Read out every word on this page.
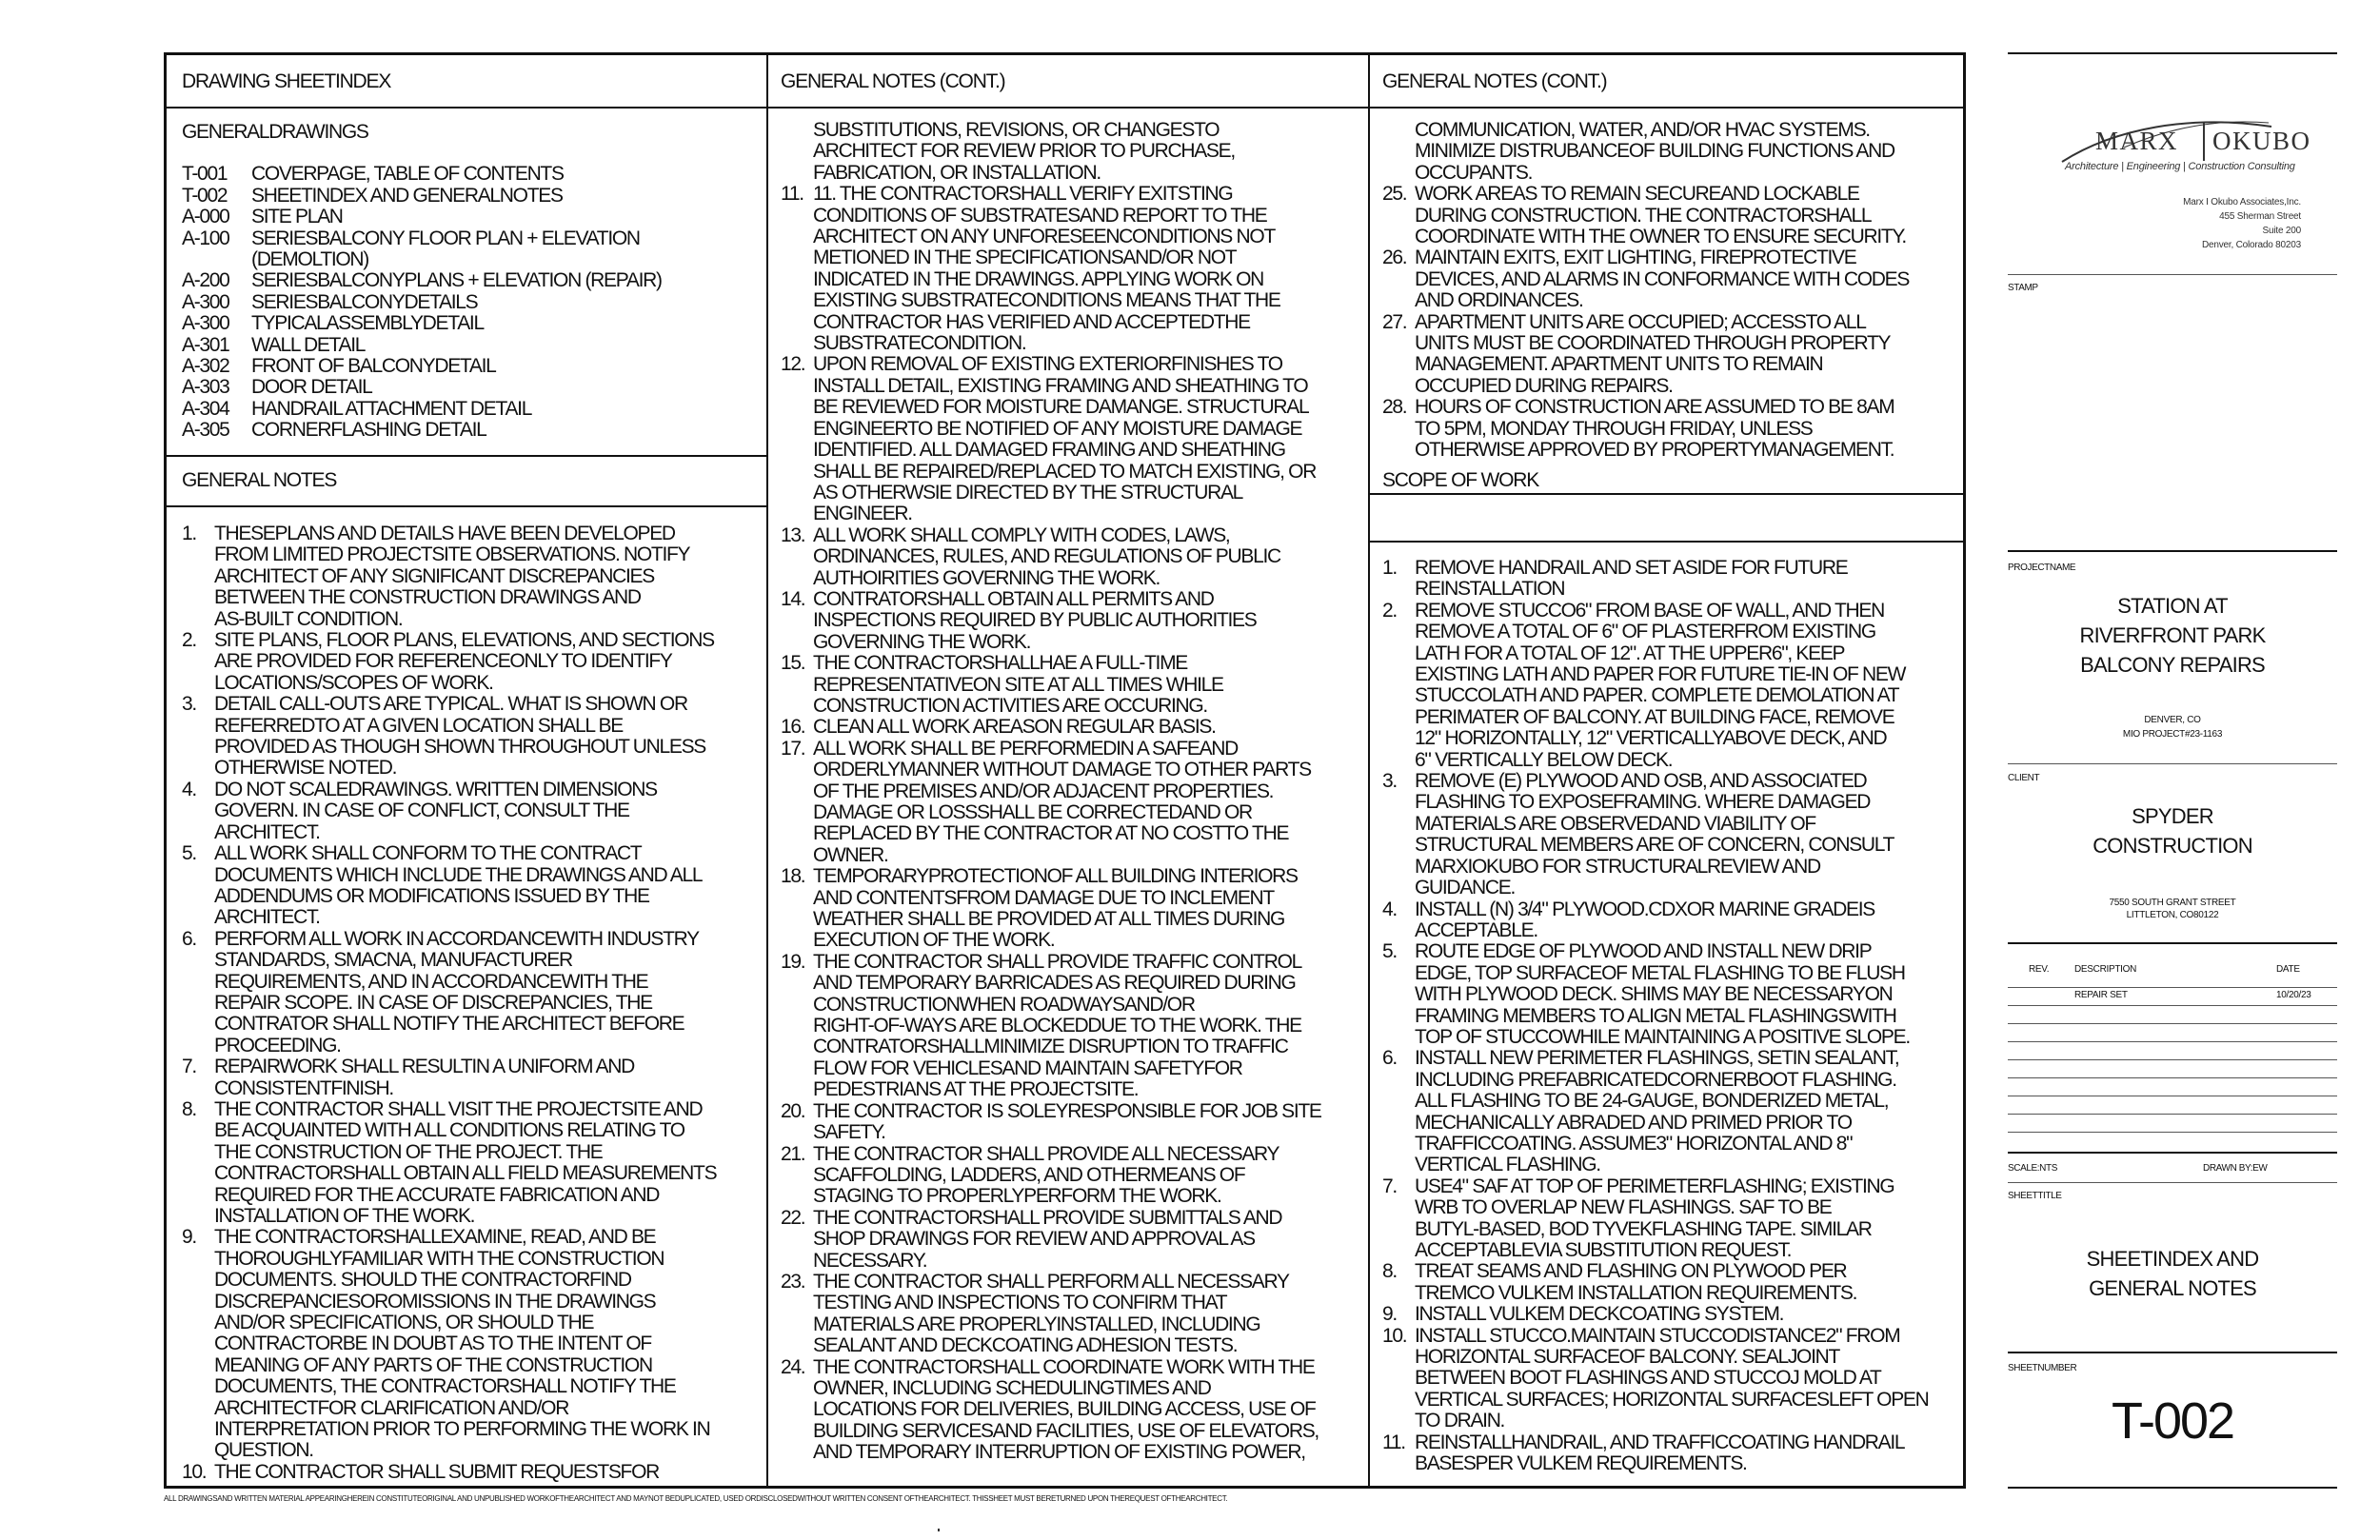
DRAWING SHEETINDEX	GENERAL NOTES (CONT.)	GENERAL NOTES (CONT.)
GENERAL NOTES	SCOPE OF WORK
GENERALDRAWINGS
T-001	COVERPAGE, TABLE OF CONTENTS
T-002	SHEETINDEX AND GENERALNOTES
A-000	SITE PLAN
A-100	SERIESBALCONY FLOOR PLAN + ELEVATION
(DEMOLTION)
A-200	SERIESBALCONYPLANS + ELEVATION (REPAIR)
A-300	SERIESBALCONYDETAILS
A-300	TYPICALASSEMBLYDETAIL
A-301	WALL DETAIL
A-302	FRONT OF BALCONYDETAIL
A-303	DOOR DETAIL
A-304	HANDRAIL ATTACHMENT DETAIL
A-305	CORNERFLASHING DETAIL
1. THESEPLANS AND DETAILS HAVE BEEN DEVELOPED
FROM LIMITED PROJECTSITE OBSERVATIONS. NOTIFY
ARCHITECT OF ANY SIGNIFICANT DISCREPANCIES
BETWEEN THE CONSTRUCTION DRAWINGS AND
AS-BUILT CONDITION.
2. SITE PLANS, FLOOR PLANS, ELEVATIONS, AND SECTIONS
ARE PROVIDED FOR REFERENCEONLY TO IDENTIFY
LOCATIONS/SCOPES OF WORK.
3. DETAIL CALL-OUTS ARE TYPICAL. WHAT IS SHOWN OR
REFERREDTO AT A GIVEN LOCATION SHALL BE
PROVIDED AS THOUGH SHOWN THROUGHOUT UNLESS
OTHERWISE NOTED.
4. DO NOT SCALEDRAWINGS. WRITTEN DIMENSIONS
GOVERN. IN CASE OF CONFLICT, CONSULT THE
ARCHITECT.
5. ALL WORK SHALL CONFORM TO THE CONTRACT
DOCUMENTS WHICH INCLUDE THE DRAWINGS AND ALL
ADDENDUMS OR MODIFICATIONS ISSUED BY THE
ARCHITECT.
6. PERFORM ALL WORK IN ACCORDANCEWITH INDUSTRY
STANDARDS, SMACNA, MANUFACTURER
REQUIREMENTS, AND IN ACCORDANCEWITH THE
REPAIR SCOPE. IN CASE OF DISCREPANCIES, THE
CONTRATOR SHALL NOTIFY THE ARCHITECT BEFORE
PROCEEDING.
7. REPAIRWORK SHALL RESULTIN A UNIFORM AND
CONSISTENTFINISH.
8. THE CONTRACTOR SHALL VISIT THE PROJECTSITE AND
BE ACQUAINTED WITH ALL CONDITIONS RELATING TO
THE CONSTRUCTION OF THE PROJECT. THE
CONTRACTORSHALL OBTAIN ALL FIELD MEASUREMENTS
REQUIRED FOR THE ACCURATE FABRICATION AND
INSTALLATION OF THE WORK.
9. THE CONTRACTORSHALLEXAMINE, READ, AND BE
THOROUGHLYFAMILIAR WITH THE CONSTRUCTION
DOCUMENTS. SHOULD THE CONTRACTORFIND
DISCREPANCIESOROMISSIONS IN THE DRAWINGS
AND/OR SPECIFICATIONS, OR SHOULD THE
CONTRACTORBE IN DOUBT AS TO THE INTENT OF
MEANING OF ANY PARTS OF THE CONSTRUCTION
DOCUMENTS, THE CONTRACTORSHALL NOTIFY THE
ARCHITECTFOR CLARIFICATION AND/OR
INTERPRETATION PRIOR TO PERFORMING THE WORK IN
QUESTION.
10. THE CONTRACTOR SHALL SUBMIT REQUESTSFOR
SUBSTITUTIONS, REVISIONS, OR CHANGESTO
ARCHITECT FOR REVIEW PRIOR TO PURCHASE,
FABRICATION, OR INSTALLATION.
11. 11. THE CONTRACTORSHALL VERIFY EXITSTING
CONDITIONS OF SUBSTRATESAND REPORT TO THE
ARCHITECT ON ANY UNFORESEENCONDITIONS NOT
METIONED IN THE SPECIFICATIONSAND/OR NOT
INDICATED IN THE DRAWINGS. APPLYING WORK ON
EXISTING SUBSTRATECONDITIONS MEANS THAT THE
CONTRACTOR HAS VERIFIED AND ACCEPTEDTHE
SUBSTRATECONDITION.
12. UPON REMOVAL OF EXISTING EXTERIORFINISHES TO
INSTALL DETAIL, EXISTING FRAMING AND SHEATHING TO
BE REVIEWED FOR MOISTURE DAMANGE. STRUCTURAL
ENGINEERTO BE NOTIFIED OF ANY MOISTURE DAMAGE
IDENTIFIED. ALL DAMAGED FRAMING AND SHEATHING
SHALL BE REPAIRED/REPLACED TO MATCH EXISTING, OR
AS OTHERWSIE DIRECTED BY THE STRUCTURAL
ENGINEER.
13. ALL WORK SHALL COMPLY WITH CODES, LAWS,
ORDINANCES, RULES, AND REGULATIONS OF PUBLIC
AUTHOIRITIES GOVERNING THE WORK.
14. CONTRATORSHALL OBTAIN ALL PERMITS AND
INSPECTIONS REQUIRED BY PUBLIC AUTHORITIES
GOVERNING THE WORK.
15. THE CONTRACTORSHALLHAE A FULL-TIME
REPRESENTATIVEON SITE AT ALL TIMES WHILE
CONSTRUCTION ACTIVITIES ARE OCCURING.
16. CLEAN ALL WORK AREASON REGULAR BASIS.
17. ALL WORK SHALL BE PERFORMEDIN A SAFEAND
ORDERLYMANNER WITHOUT DAMAGE TO OTHER PARTS
OF THE PREMISES AND/OR ADJACENT PROPERTIES.
DAMAGE OR LOSSSHALL BE CORRECTEDAND OR
REPLACED BY THE CONTRACTOR AT NO COSTTO THE
OWNER.
18. TEMPORARYPROTECTIONOF ALL BUILDING INTERIORS
AND CONTENTSFROM DAMAGE DUE TO INCLEMENT
WEATHER SHALL BE PROVIDED AT ALL TIMES DURING
EXECUTION OF THE WORK.
19. THE CONTRACTOR SHALL PROVIDE TRAFFIC CONTROL
AND TEMPORARY BARRICADES AS REQUIRED DURING
CONSTRUCTIONWHEN ROADWAYSAND/OR
RIGHT-OF-WAYS ARE BLOCKEDDUE TO THE WORK. THE
CONTRATORSHALLMINIMIZE DISRUPTION TO TRAFFIC
FLOW FOR VEHICLESAND MAINTAIN SAFETYFOR
PEDESTRIANS AT THE PROJECTSITE.
20. THE CONTRACTOR IS SOLEYRESPONSIBLE FOR JOB SITE
SAFETY.
21. THE CONTRACTOR SHALL PROVIDE ALL NECESSARY
SCAFFOLDING, LADDERS, AND OTHERMEANS OF
STAGING TO PROPERLYPERFORM THE WORK.
22. THE CONTRACTORSHALL PROVIDE SUBMITTALS AND
SHOP DRAWINGS FOR REVIEW AND APPROVAL AS
NECESSARY.
23. THE CONTRACTOR SHALL PERFORM ALL NECESSARY
TESTING AND INSPECTIONS TO CONFIRM THAT
MATERIALS ARE PROPERLYINSTALLED, INCLUDING
SEALANT AND DECKCOATING ADHESION TESTS.
24. THE CONTRACTORSHALL COORDINATE WORK WITH THE
OWNER, INCLUDING SCHEDULINGTIMES AND
LOCATIONS FOR DELIVERIES, BUILDING ACCESS, USE OF
BUILDING SERVICESAND FACILITIES, USE OF ELEVATORS,
AND TEMPORARY INTERRUPTION OF EXISTING POWER,
COMMUNICATION, WATER, AND/OR HVAC SYSTEMS.
MINIMIZE DISTRUBANCEOF BUILDING FUNCTIONS AND
OCCUPANTS.
25. WORK AREAS TO REMAIN SECUREAND LOCKABLE
DURING CONSTRUCTION. THE CONTRACTORSHALL
COORDINATE WITH THE OWNER TO ENSURE SECURITY.
26. MAINTAIN EXITS, EXIT LIGHTING, FIREPROTECTIVE
DEVICES, AND ALARMS IN CONFORMANCE WITH CODES
AND ORDINANCES.
27. APARTMENT UNITS ARE OCCUPIED; ACCESSTO ALL
UNITS MUST BE COORDINATED THROUGH PROPERTY
MANAGEMENT. APARTMENT UNITS TO REMAIN
OCCUPIED DURING REPAIRS.
28. HOURS OF CONSTRUCTION ARE ASSUMED TO BE 8AM
TO 5PM, MONDAY THROUGH FRIDAY, UNLESS
OTHERWISE APPROVED BY PROPERTYMANAGEMENT.
1. REMOVE HANDRAIL AND SET ASIDE FOR FUTURE
REINSTALLATION
2. REMOVE STUCCO6" FROM BASE OF WALL, AND THEN
REMOVE A TOTAL OF 6" OF PLASTERFROM EXISTING
LATH FOR A TOTAL OF 12". AT THE UPPER6", KEEP
EXISTING LATH AND PAPER FOR FUTURE TIE-IN OF NEW
STUCCOLATH AND PAPER. COMPLETE DEMOLATION AT
PERIMATER OF BALCONY. AT BUILDING FACE, REMOVE
12" HORIZONTALLY, 12" VERTICALLYABOVE DECK, AND
6" VERTICALLY BELOW DECK.
3. REMOVE (E) PLYWOOD AND OSB, AND ASSOCIATED
FLASHING TO EXPOSEFRAMING. WHERE DAMAGED
MATERIALS ARE OBSERVEDAND VIABILITY OF
STRUCTURAL MEMBERS ARE OF CONCERN, CONSULT
MARXIOKUBO FOR STRUCTURALREVIEW AND
GUIDANCE.
4. INSTALL (N) 3/4" PLYWOOD.CDXOR MARINE GRADEIS
ACCEPTABLE.
5. ROUTE EDGE OF PLYWOOD AND INSTALL NEW DRIP
EDGE, TOP SURFACEOF METAL FLASHING TO BE FLUSH
WITH PLYWOOD DECK. SHIMS MAY BE NECESSARYON
FRAMING MEMBERS TO ALIGN METAL FLASHINGSWITH
TOP OF STUCCOWHILE MAINTAINING A POSITIVE SLOPE.
6. INSTALL NEW PERIMETER FLASHINGS, SETIN SEALANT,
INCLUDING PREFABRICATEDCORNERBOOT FLASHING.
ALL FLASHING TO BE 24-GAUGE, BONDERIZED METAL,
MECHANICALLY ABRADED AND PRIMED PRIOR TO
TRAFFICCOATING. ASSUME3" HORIZONTAL AND 8"
VERTICAL FLASHING.
7. USE4" SAF AT TOP OF PERIMETERFLASHING; EXISTING
WRB TO OVERLAP NEW FLASHINGS. SAF TO BE
BUTYL-BASED, BOD TYVEKFLASHING TAPE. SIMILAR
ACCEPTABLEVIA SUBSTITUTION REQUEST.
8. TREAT SEAMS AND FLASHING ON PLYWOOD PER
TREMCO VULKEM INSTALLATION REQUIREMENTS.
9. INSTALL VULKEM DECKCOATING SYSTEM.
10. INSTALL STUCCO.MAINTAIN STUCCODISTANCE2" FROM
HORIZONTAL SURFACEOF BALCONY. SEALJOINT
BETWEEN BOOT FLASHINGS AND STUCCOJ MOLD AT
VERTICAL SURFACES; HORIZONTAL SURFACESLEFT OPEN
TO DRAIN.
11. REINSTALLHANDRAIL, AND TRAFFICCOATING HANDRAIL
BASESPER VULKEM REQUIREMENTS.
ALL DRAWINGSAND WRITTEN MATERIAL APPEARINGHEREIN CONSTITUTEORIGINAL AND UNPUBLISHED WORKOFTHEARCHITECT AND MAYNOT BEDUPLICATED, USED ORDISCLOSEDWITHOUT WRITTEN CONSENT OFTHEARCHITECT. THISSHEET MUST BERETURNED UPON THEREQUEST OFTHEARCHITECT.
MARX OKUBO
Architecture | Engineering | Construction Consulting
Marx I Okubo Associates,Inc.
455 Sherman Street
Suite 200
Denver, Colorado 80203
STAMP
PROJECTNAME
STATION AT
RIVERFRONT PARK
BALCONY REPAIRS
DENVER, CO
MIO PROJECT#23-1163
CLIENT
SPYDER
CONSTRUCTION
7550 SOUTH GRANT STREET
LITTLETON, CO80122
REV.	DESCRIPTION	DATE
REPAIR SET	10/20/23
SCALE:NTS	DRAWN BY:EW
SHEETTITLE
SHEETINDEX AND
GENERAL NOTES
SHEETNUMBER
T-002
